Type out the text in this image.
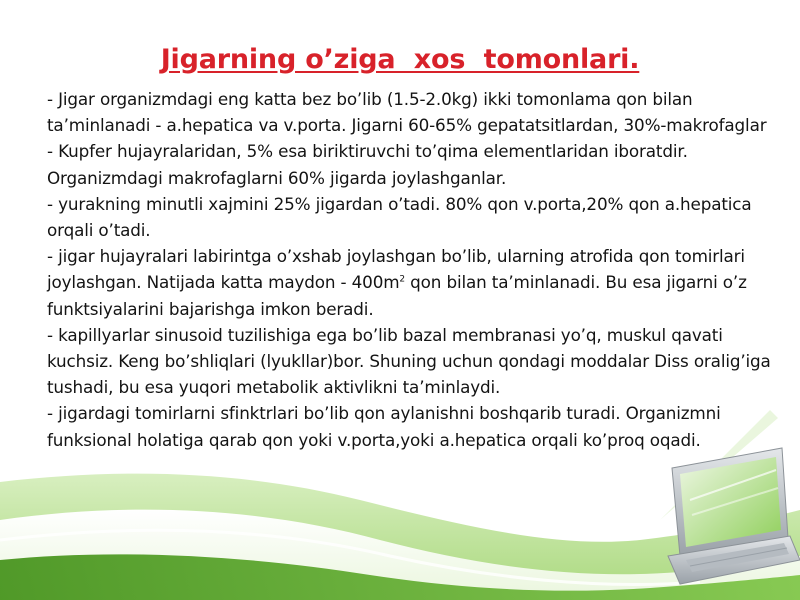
Jigarning o’ziga  xos  tomonlari.

- Jigar organizmdagi eng katta bez bo’lib (1.5-2.0kg) ikki tomonlama qon bilan ta’minlanadi - a.hepatica va v.porta. Jigarni 60-65% gepatatsitlardan, 30%-makrofaglar - Kupfer hujayralaridan, 5% esa biriktiruvchi to’qima elementlaridan iboratdir. Organizmdagi makrofaglarni 60% jigarda joylashganlar.

- yurakning minutli xajmini 25% jigardan o’tadi. 80% qon v.porta,20% qon a.hepatica orqali o’tadi.

- jigar hujayralari labirintga o’xshab joylashgan bo’lib, ularning atrofida qon tomirlari joylashgan. Natijada katta maydon - $400m^2$ qon bilan ta’minlanadi. Bu esa jigarni o’z funktsiyalarini bajarishga imkon beradi.

- kapillyarlar sinusoid tuzilishiga ega bo’lib bazal membranasi yo’q, muskul qavati kuchsiz. Keng bo’shliqlari (lyukllar)bor. Shuning uchun qondagi moddalar Diss oralig’iga tushadi, bu esa yuqori metabolik aktivlikni ta’minlaydi.

- jigardagi tomirlarni sfinktrlari bo’lib qon aylanishni boshqarib turadi. Organizmni funksional holatiga qarab qon yoki v.porta,yoki a.hepatica orqali ko’proq oqadi.
